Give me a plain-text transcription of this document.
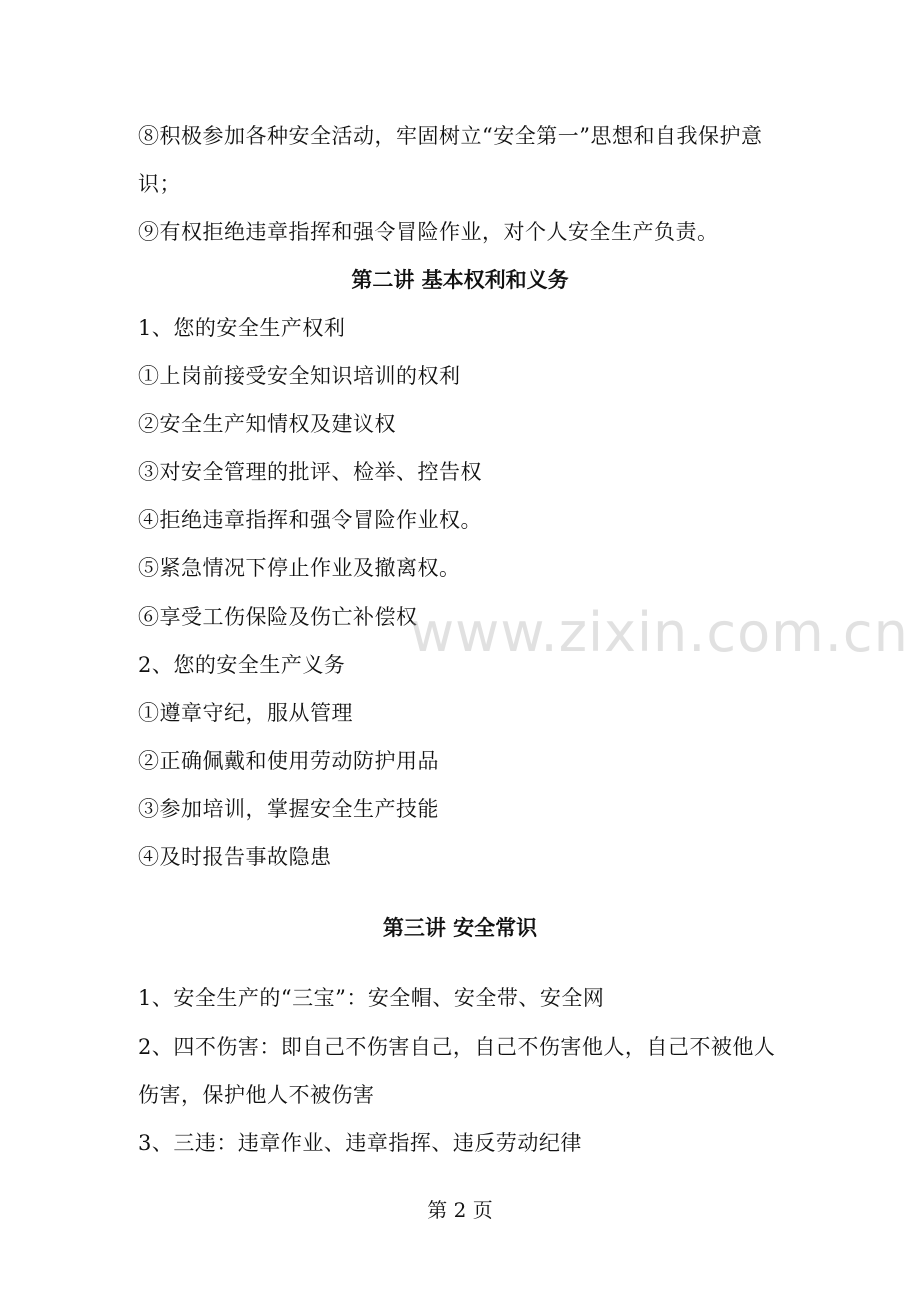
⑧积极参加各种安全活动，牢固树立“安全第一”思想和自我保护意
识；
⑨有权拒绝违章指挥和强令冒险作业，对个人安全生产负责。
第二讲 基本权利和义务
1、您的安全生产权利
①上岗前接受安全知识培训的权利
②安全生产知情权及建议权
③对安全管理的批评、检举、控告权
④拒绝违章指挥和强令冒险作业权。
⑤紧急情况下停止作业及撤离权。
⑥享受工伤保险及伤亡补偿权
2、您的安全生产义务
①遵章守纪，服从管理
②正确佩戴和使用劳动防护用品
③参加培训，掌握安全生产技能
④及时报告事故隐患
第三讲 安全常识
1、安全生产的“三宝”：安全帽、安全带、安全网
2、四不伤害：即自己不伤害自己，自己不伤害他人，自己不被他人
伤害，保护他人不被伤害
3、三违：违章作业、违章指挥、违反劳动纪律
第 2 页
www.zixin.com.cn
